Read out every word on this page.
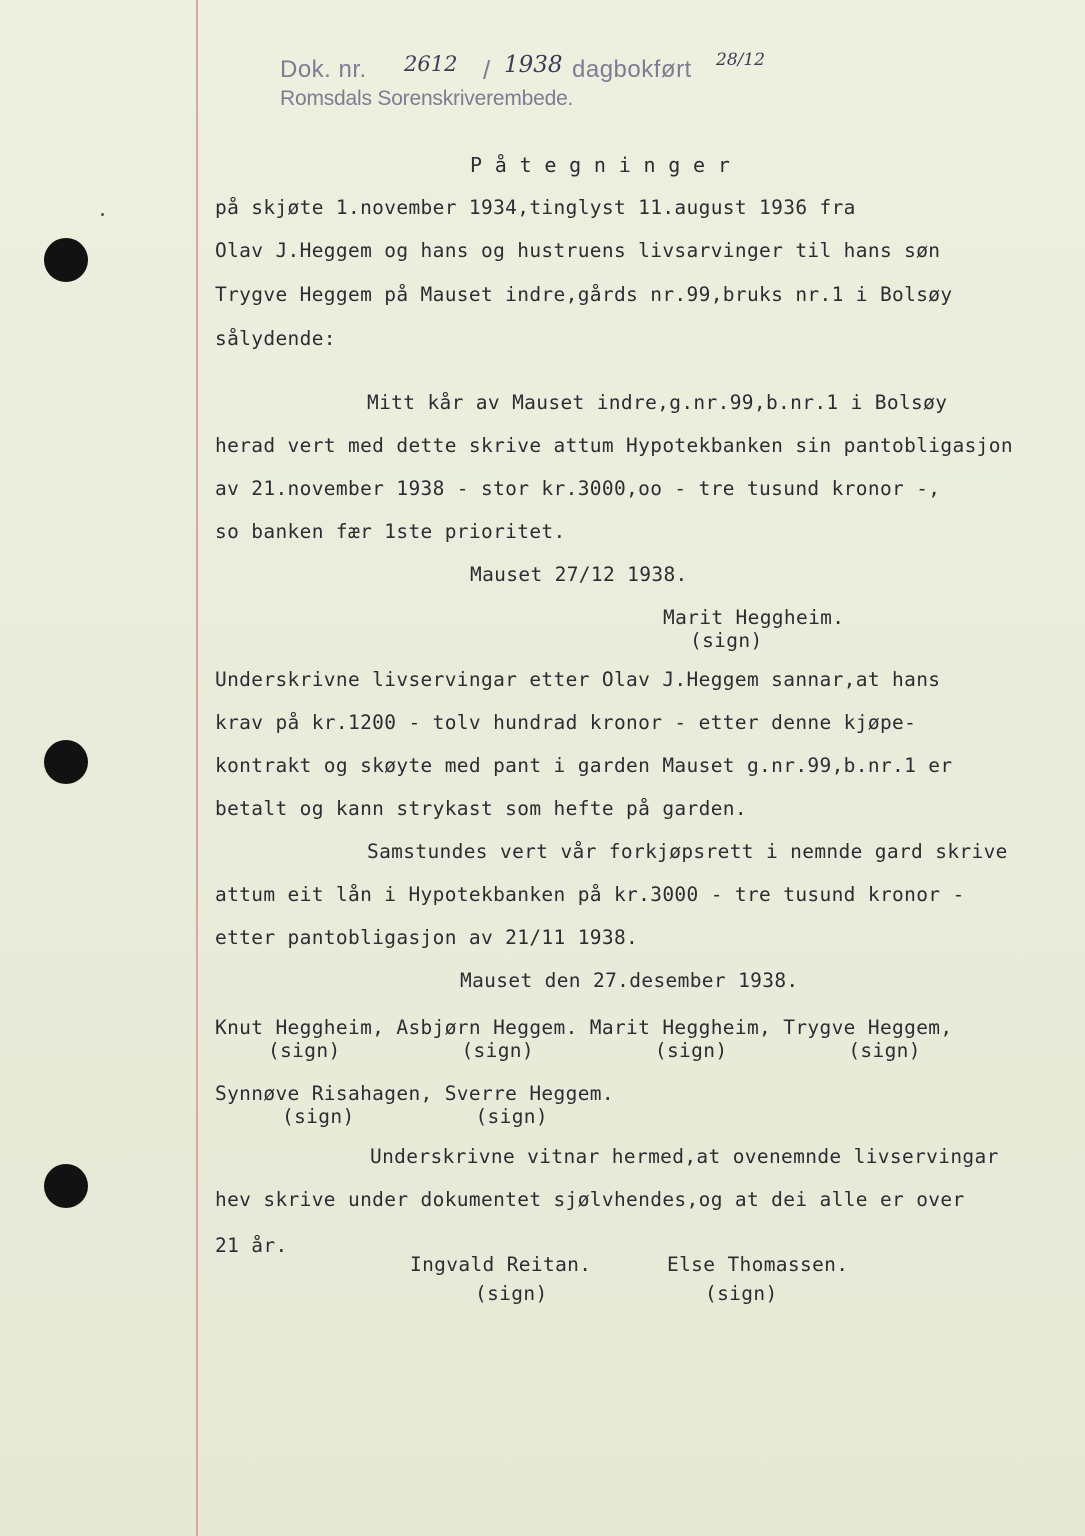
Dok. nr. 2612 / 1938 dagbokført 28/12
Romsdals Sorenskriverembede.
P å t e g n i n g e r
på skjøte 1.november 1934,tinglyst 11.august 1936 fra
Olav J.Heggem og hans og hustruens livsarvinger til hans søn
Trygve Heggem på Mauset indre,gårds nr.99,bruks nr.1 i Bolsøy
sålydende:
Mitt kår av Mauset indre,g.nr.99,b.nr.1 i Bolsøy
herad vert med dette skrive attum Hypotekbanken sin pantobligasjon
av 21.november 1938 - stor kr.3000,oo - tre tusund kronor -,
so banken fær 1ste prioritet.
Mauset 27/12 1938.
Marit Heggheim.
(sign)
Underskrivne livservingar etter Olav J.Heggem sannar,at hans
krav på kr.1200 - tolv hundrad kronor - etter denne kjøpe-
kontrakt og skøyte med pant i garden Mauset g.nr.99,b.nr.1 er
betalt og kann strykast som hefte på garden.
Samstundes vert vår forkjøpsrett i nemnde gard skrive
attum eit lån i Hypotekbanken på kr.3000 - tre tusund kronor -
etter pantobligasjon av 21/11 1938.
Mauset den 27.desember 1938.
Knut Heggheim, Asbjørn Heggem. Marit Heggheim, Trygve Heggem,
(sign)          (sign)          (sign)          (sign)
Synnøve Risahagen, Sverre Heggem.
(sign)          (sign)
Underskrivne vitnar hermed,at ovenemnde livservingar
hev skrive under dokumentet sjølvhendes,og at dei alle er over
21 år.
Ingvald Reitan.
(sign)
Else Thomassen.
(sign)
